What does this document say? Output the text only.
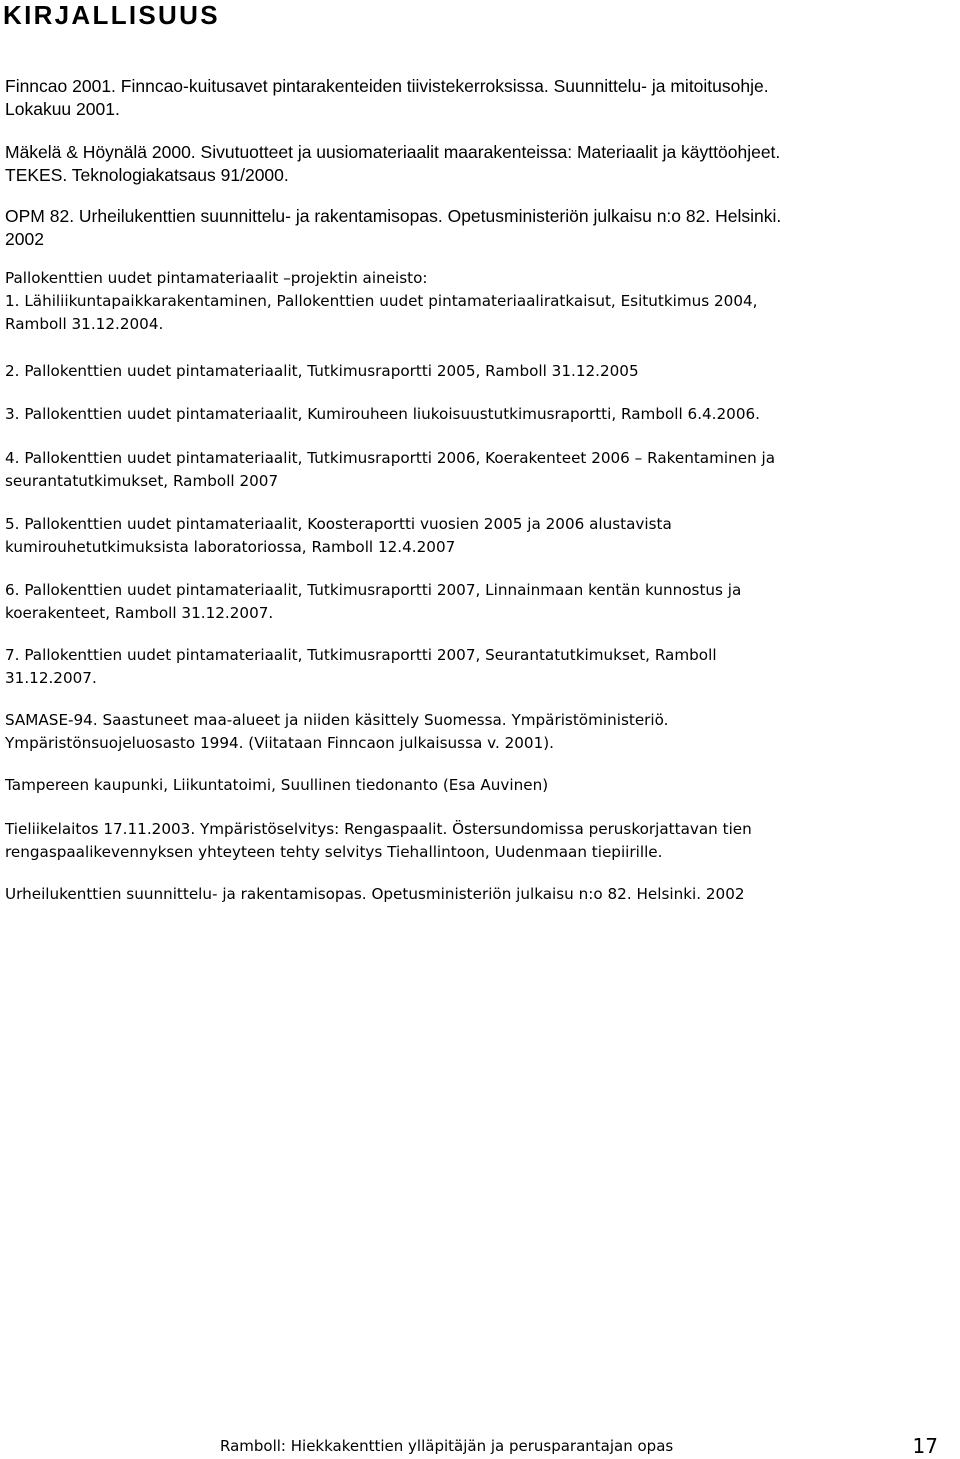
KIRJALLISUUS
Finncao 2001. Finncao-kuitusavet pintarakenteiden tiivistekerroksissa. Suunnittelu- ja mitoitusohje.
Lokakuu 2001.
Mäkelä & Höynälä 2000. Sivutuotteet ja uusiomateriaalit maarakenteissa: Materiaalit ja käyttöohjeet.
TEKES. Teknologiakatsaus 91/2000.
OPM 82. Urheilukenttien suunnittelu- ja rakentamisopas. Opetusministeriön julkaisu n:o 82. Helsinki.
2002
Pallokenttien uudet pintamateriaalit –projektin aineisto:
1. Lähiliikuntapaikkarakentaminen, Pallokenttien uudet pintamateriaaliratkaisut, Esitutkimus 2004,
Ramboll 31.12.2004.
2. Pallokenttien uudet pintamateriaalit, Tutkimusraportti 2005, Ramboll 31.12.2005
3. Pallokenttien uudet pintamateriaalit, Kumirouheen liukoisuustutkimusraportti, Ramboll 6.4.2006.
4. Pallokenttien uudet pintamateriaalit, Tutkimusraportti 2006, Koerakenteet 2006 – Rakentaminen ja
seurantatutkimukset, Ramboll 2007
5. Pallokenttien uudet pintamateriaalit, Koosteraportti vuosien 2005 ja 2006 alustavista
kumirouhetutkimuksista laboratoriossa, Ramboll 12.4.2007
6. Pallokenttien uudet pintamateriaalit, Tutkimusraportti 2007, Linnainmaan kentän kunnostus ja
koerakenteet, Ramboll 31.12.2007.
7. Pallokenttien uudet pintamateriaalit, Tutkimusraportti 2007, Seurantatutkimukset, Ramboll
31.12.2007.
SAMASE-94. Saastuneet maa-alueet ja niiden käsittely Suomessa. Ympäristöministeriö.
Ympäristönsuojeluosasto 1994. (Viitataan Finncaon julkaisussa v. 2001).
Tampereen kaupunki, Liikuntatoimi, Suullinen tiedonanto (Esa Auvinen)
Tieliikelaitos 17.11.2003. Ympäristöselvitys: Rengaspaalit. Östersundomissa peruskorjattavan tien
rengaspaalikevennyksen yhteyteen tehty selvitys Tiehallintoon, Uudenmaan tiepiirille.
Urheilukenttien suunnittelu- ja rakentamisopas. Opetusministeriön julkaisu n:o 82. Helsinki. 2002
Ramboll: Hiekkakenttien ylläpitäjän ja perusparantajan opas	17
